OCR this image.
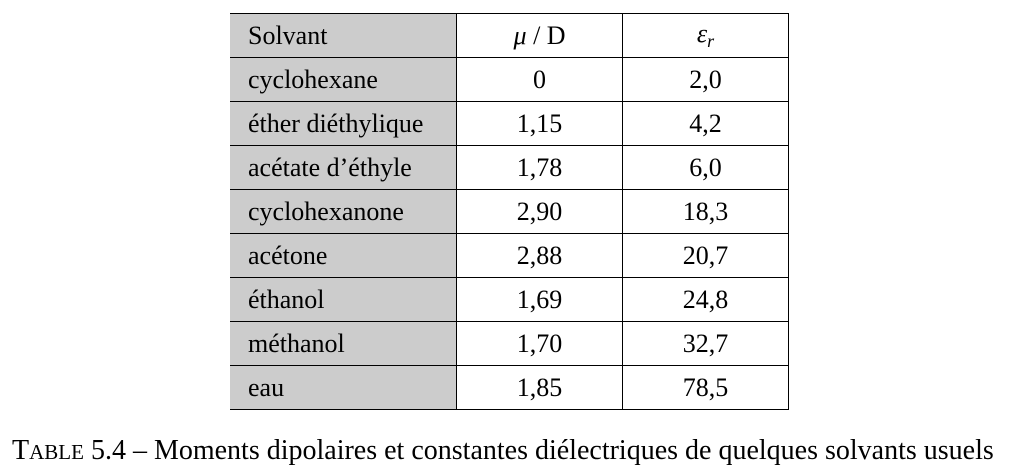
Solvant	μ / D	$\varepsilon_r$
cyclohexane	0	2,0
éther diéthylique	1,15	4,2
acétate d’éthyle	1,78	6,0
cyclohexanone	2,90	18,3
acétone	2,88	20,7
éthanol	1,69	24,8
méthanol	1,70	32,7
eau	1,85	78,5
TABLE 5.4 – Moments dipolaires et constantes diélectriques de quelques solvants usuels
